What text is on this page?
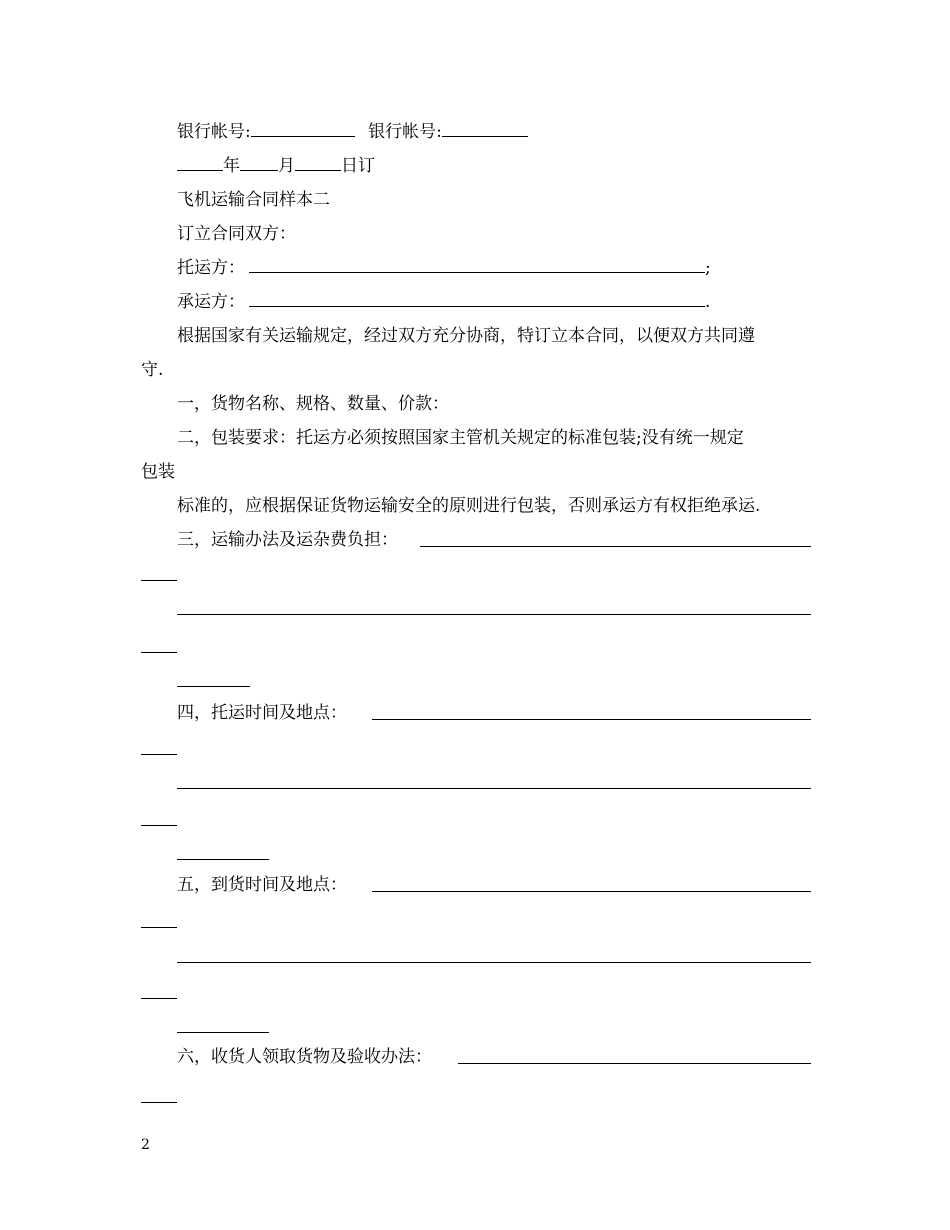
银行帐号:	银行帐号:
年 月	日订
飞机运输合同样本二
订立合同双方：
托运方：	;
承运方：	.
根据国家有关运输规定，经过双方充分协商，特订立本合同，以便双方共同遵
守.
一，货物名称、规格、数量、价款：
二，包装要求：托运方必须按照国家主管机关规定的标准包装;没有统一规定
包装
标准的，应根据保证货物运输安全的原则进行包装，否则承运方有权拒绝承运.
三，运输办法及运杂费负担：
四，托运时间及地点：
五，到货时间及地点：
六，收货人领取货物及验收办法：
2
